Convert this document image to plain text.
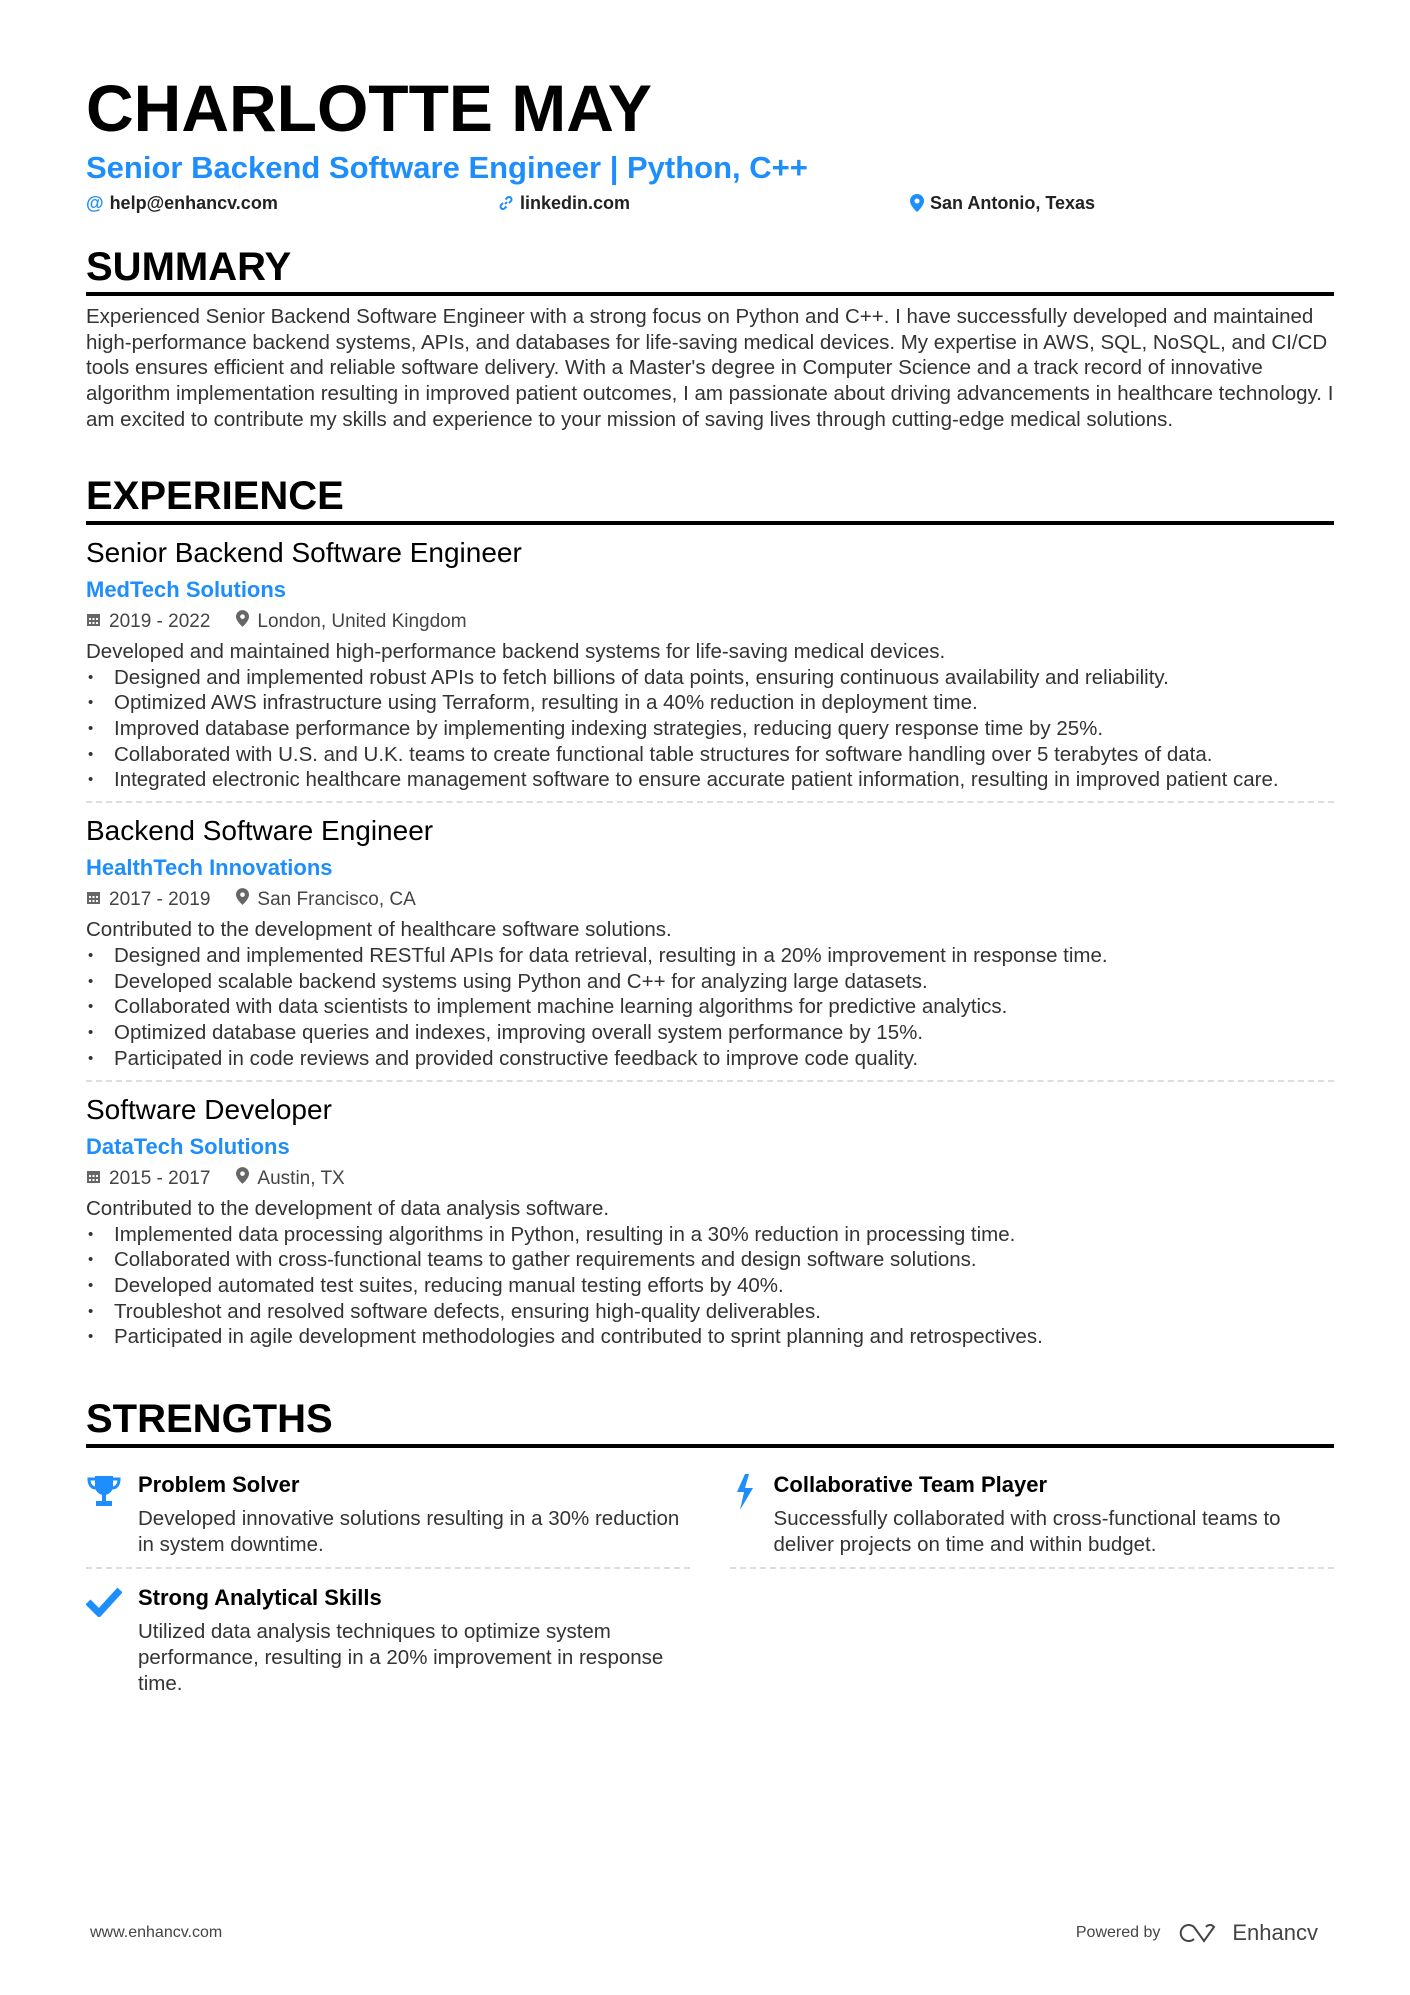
CHARLOTTE MAY
Senior Backend Software Engineer | Python, C++
@ help@enhancv.com	linkedin.com	San Antonio, Texas
SUMMARY

Experienced Senior Backend Software Engineer with a strong focus on Python and C++. I have successfully developed and maintained high-performance backend systems, APIs, and databases for life-saving medical devices. My expertise in AWS, SQL, NoSQL, and CI/CD tools ensures efficient and reliable software delivery. With a Master's degree in Computer Science and a track record of innovative algorithm implementation resulting in improved patient outcomes, I am passionate about driving advancements in healthcare technology. I am excited to contribute my skills and experience to your mission of saving lives through cutting-edge medical solutions.

EXPERIENCE
Senior Backend Software Engineer
MedTech Solutions
2019 - 2022 London, United Kingdom
Developed and maintained high-performance backend systems for life-saving medical devices.
• Designed and implemented robust APIs to fetch billions of data points, ensuring continuous availability and reliability.
• Optimized AWS infrastructure using Terraform, resulting in a 40% reduction in deployment time.
• Improved database performance by implementing indexing strategies, reducing query response time by 25%.
• Collaborated with U.S. and U.K. teams to create functional table structures for software handling over 5 terabytes of data.
• Integrated electronic healthcare management software to ensure accurate patient information, resulting in improved patient care.
Backend Software Engineer
HealthTech Innovations
2017 - 2019 San Francisco, CA
Contributed to the development of healthcare software solutions.
• Designed and implemented RESTful APIs for data retrieval, resulting in a 20% improvement in response time.
• Developed scalable backend systems using Python and C++ for analyzing large datasets.
• Collaborated with data scientists to implement machine learning algorithms for predictive analytics.
• Optimized database queries and indexes, improving overall system performance by 15%.
• Participated in code reviews and provided constructive feedback to improve code quality.
Software Developer
DataTech Solutions
2015 - 2017 Austin, TX
Contributed to the development of data analysis software.
• Implemented data processing algorithms in Python, resulting in a 30% reduction in processing time.
• Collaborated with cross-functional teams to gather requirements and design software solutions.
• Developed automated test suites, reducing manual testing efforts by 40%.
• Troubleshot and resolved software defects, ensuring high-quality deliverables.
• Participated in agile development methodologies and contributed to sprint planning and retrospectives.
STRENGTHS
Problem Solver

Developed innovative solutions resulting in a 30% reduction in system downtime.

Collaborative Team Player

Successfully collaborated with cross-functional teams to deliver projects on time and within budget.

Strong Analytical Skills

Utilized data analysis techniques to optimize system performance, resulting in a 20% improvement in response time.

www.enhancv.com	Powered by	Enhancv
